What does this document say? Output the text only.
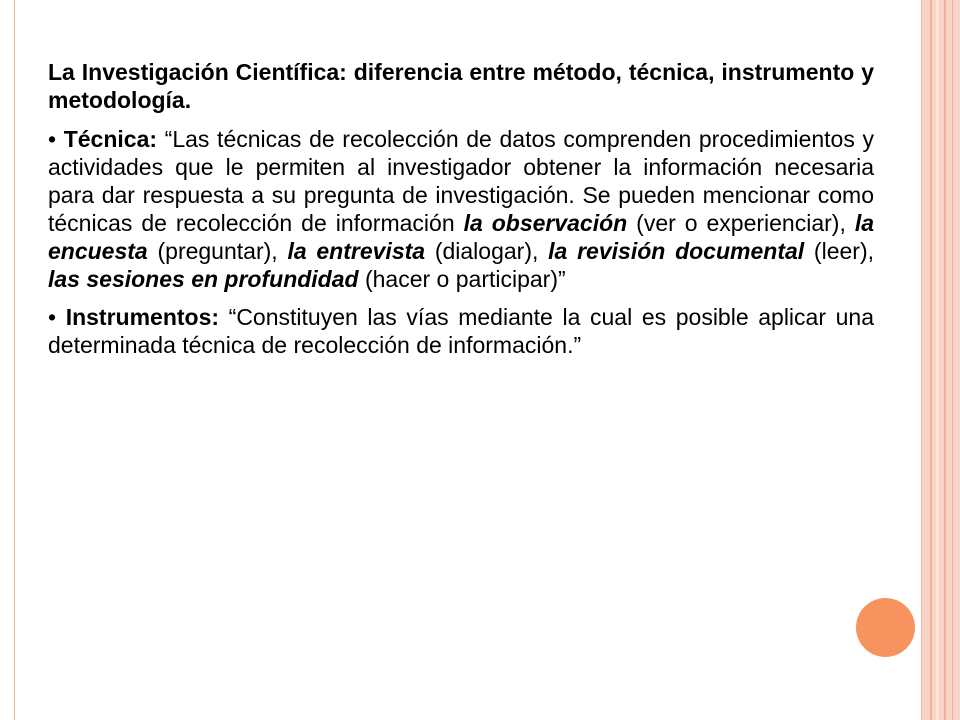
La Investigación Científica: diferencia entre método, técnica, instrumento y metodología.

• Técnica: “Las técnicas de recolección de datos comprenden procedimientos y actividades que le permiten al investigador obtener la información necesaria para dar respuesta a su pregunta de investigación. Se pueden mencionar como técnicas de recolección de información la observación (ver o experienciar), la encuesta (preguntar), la entrevista (dialogar), la revisión documental (leer), las sesiones en profundidad (hacer o participar)”

• Instrumentos: “Constituyen las vías mediante la cual es posible aplicar una determinada técnica de recolección de información.”
